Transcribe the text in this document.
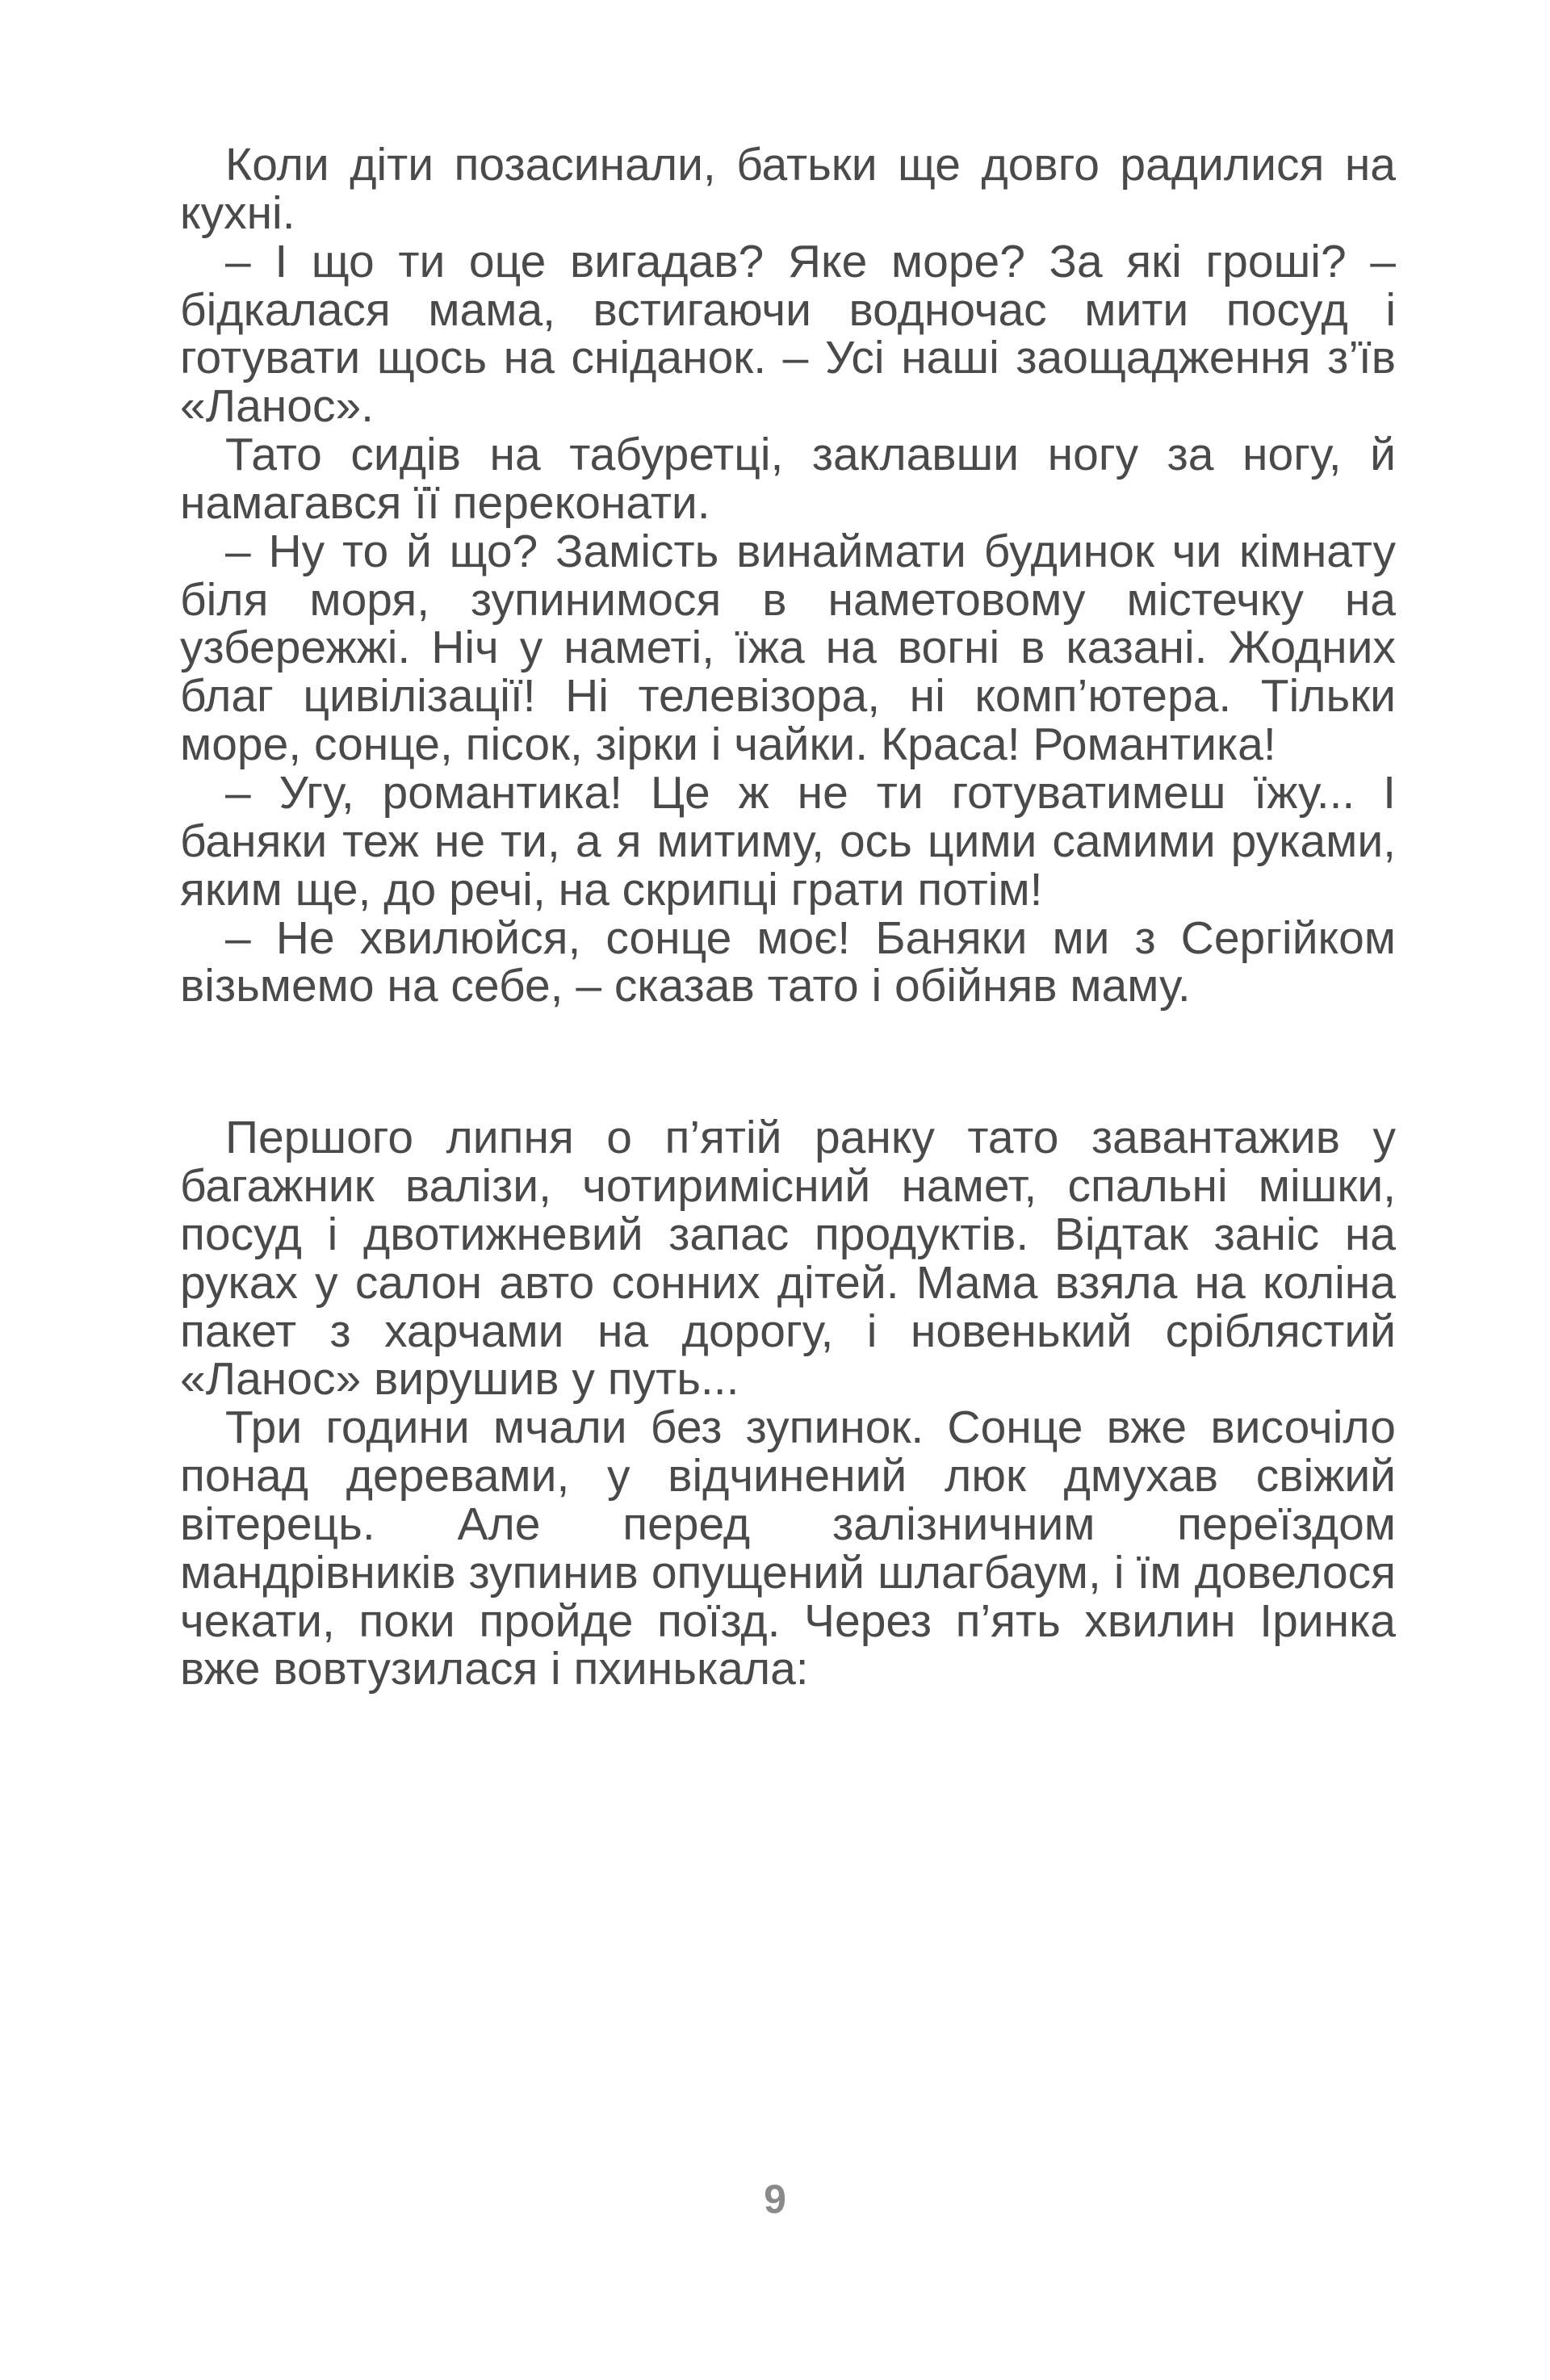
Коли діти позасинали, батьки ще довго радилися на кухні.

– І що ти оце вигадав? Яке море? За які гроші? – бідкалася мама, встигаючи водночас мити посуд і готувати щось на сніданок. – Усі наші заощадження з’їв «Ланос».

Тато сидів на табуретці, заклавши ногу за ногу, й намагався її переконати.

– Ну то й що? Замість винаймати будинок чи кімнату біля моря, зупинимося в наметовому містечку на узбережжі. Ніч у наметі, їжа на вогні в казані. Жодних благ цивілізації! Ні телевізора, ні комп’ютера. Тільки море, сонце, пісок, зірки і чайки. Краса! Романтика!

– Угу, романтика! Це ж не ти готуватимеш їжу... І баняки теж не ти, а я митиму, ось цими самими руками, яким ще, до речі, на скрипці грати потім!

– Не хвилюйся, сонце моє! Баняки ми з Сергійком візьмемо на себе, – сказав тато і обійняв маму.

Першого липня о п’ятій ранку тато завантажив у багажник валізи, чотиримісний намет, спальні мішки, посуд і двотижневий запас продуктів. Відтак заніс на руках у салон авто сонних дітей. Мама взяла на коліна пакет з харчами на дорогу, і новенький сріблястий «Ланос» вирушив у путь...

Три години мчали без зупинок. Сонце вже височіло понад деревами, у відчинений люк дмухав свіжий вітерець. Але перед залізничним переїздом мандрівників зупинив опущений шлагбаум, і їм довелося чекати, поки пройде поїзд. Через п’ять хвилин Іринка вже вовтузилася і пхинькала:

9
